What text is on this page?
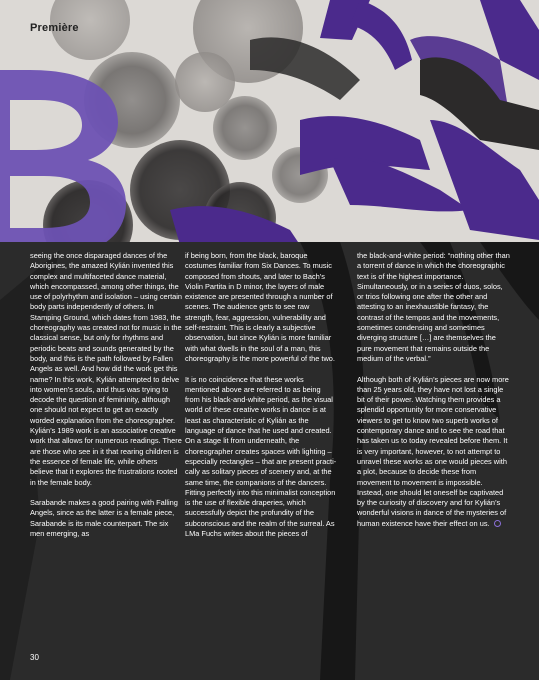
Première

seeing the once disparaged dances of the Aborigines, the amazed Kylián invented this complex and multifaceted dance material, which encompassed, among other things, the use of polyrhythm and isolation – using certain body parts independently of others. In Stamping Ground, which dates from 1983, the choreography was created not for music in the classical sense, but only for rhythms and periodic beats and sounds generated by the body, and this is the path followed by Fallen Angels as well. And how did the work get this name? In this work, Kylián attempted to delve into women’s souls, and thus was trying to decode the question of femininity, although one should not expect to get an exactly worded explanation from the choreographer. Kylián’s 1989 work is an associative creative work that allows for numerous readings. There are those who see in it that rearing children is the essence of female life, while others believe that it explores the frustrations rooted in the female body.

Sarabande makes a good pairing with Falling Angels, since as the latter is a female piece, Sarabande is its male counterpart. The six men emerging, as

if being born, from the black, baroque costumes familiar from Six Dances. To music composed from shouts, and later to Bach’s Violin Partita in D minor, the layers of male existence are presented through a number of scenes. The audience gets to see raw strength, fear, aggression, vulnerability and self-restraint. This is clearly a subjective observation, but since Kylián is more familiar with what dwells in the soul of a man, this choreography is the more powerful of the two.

It is no coincidence that these works mentioned above are referred to as being from his black-and-white period, as the visual world of these creative works in dance is at least as characteristic of Kylián as the language of dance that he used and created. On a stage lit from underneath, the choreographer creates spaces with lighting – especially rectangles – that are present practically as solitary pieces of scenery and, at the same time, the companions of the dancers. Fitting perfectly into this minimalist conception is the use of flexible draperies, which successfully depict the profundity of the subconscious and the realm of the surreal. As LMa Fuchs writes about the pieces of

the black-and-white period: “nothing other than a torrent of dance in which the choreographic text is of the highest importance. Simultaneously, or in a series of duos, solos, or trios following one after the other and attesting to an inexhaustible fantasy, the contrast of the tempos and the movements, sometimes condensing and sometimes diverging structure […] are themselves the pure movement that remains outside the medium of the verbal.”

Although both of Kylián’s pieces are now more than 25 years old, they have not lost a single bit of their power. Watching them provides a splendid opportunity for more conservative viewers to get to know two superb works of contemporary dance and to see the road that has taken us to today revealed before them. It is very important, however, to not attempt to unravel these works as one would pieces with a plot, because to decide these from movement to movement is impossible. Instead, one should let oneself be captivated by the curiosity of discovery and for Kylián’s wonderful visions in dance of the mysteries of human existence have their effect on us.

30
